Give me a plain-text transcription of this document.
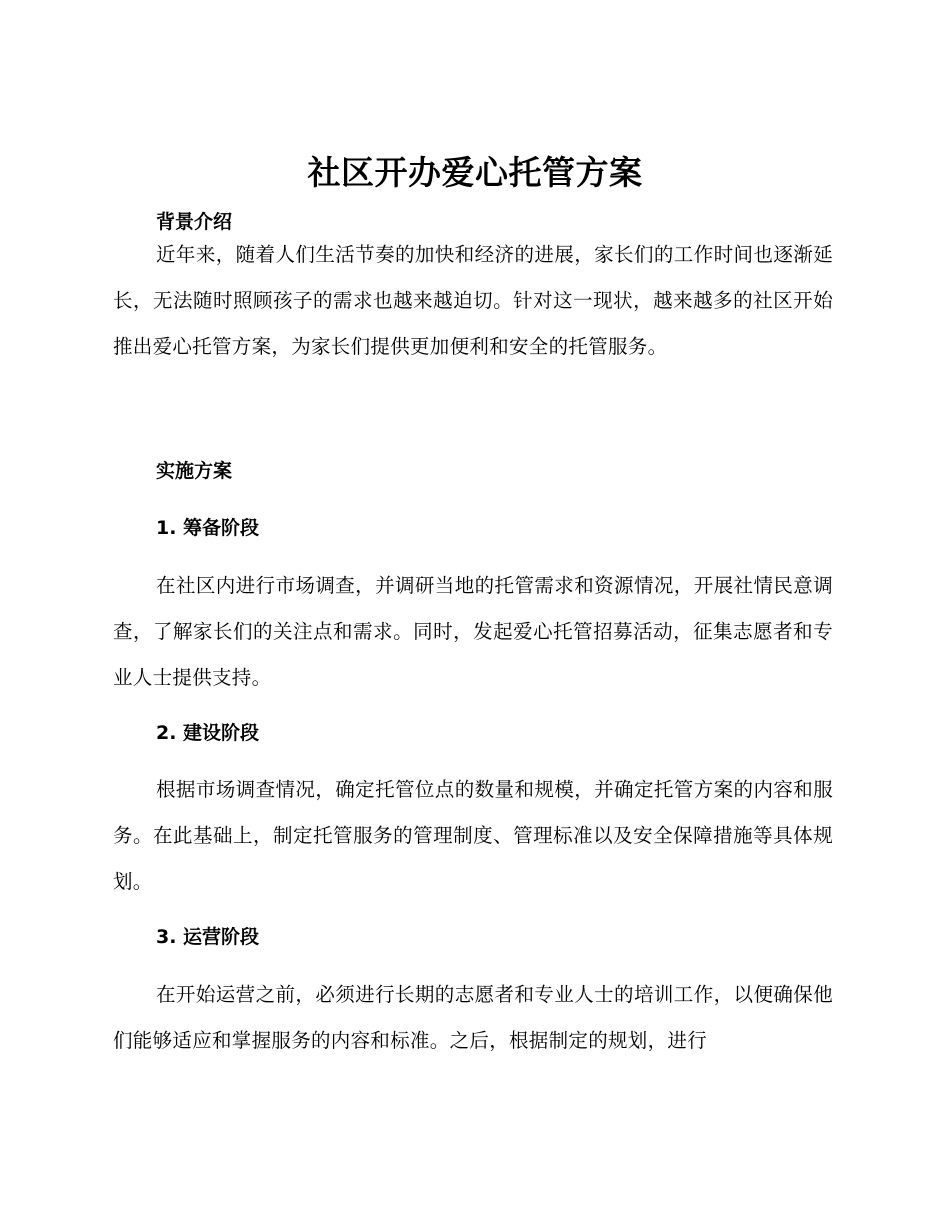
社区开办爱心托管方案
背景介绍

近年来，随着人们生活节奏的加快和经济的进展，家长们的工作时间也逐渐延长，无法随时照顾孩子的需求也越来越迫切。针对这一现状，越来越多的社区开始推出爱心托管方案，为家长们提供更加便利和安全的托管服务。

实施方案
1. 筹备阶段

在社区内进行市场调查，并调研当地的托管需求和资源情况，开展社情民意调查，了解家长们的关注点和需求。同时，发起爱心托管招募活动，征集志愿者和专业人士提供支持。

2. 建设阶段

根据市场调查情况，确定托管位点的数量和规模，并确定托管方案的内容和服务。在此基础上，制定托管服务的管理制度、管理标准以及安全保障措施等具体规划。

3. 运营阶段

在开始运营之前，必须进行长期的志愿者和专业人士的培训工作，以便确保他们能够适应和掌握服务的内容和标准。之后，根据制定的规划，进行
